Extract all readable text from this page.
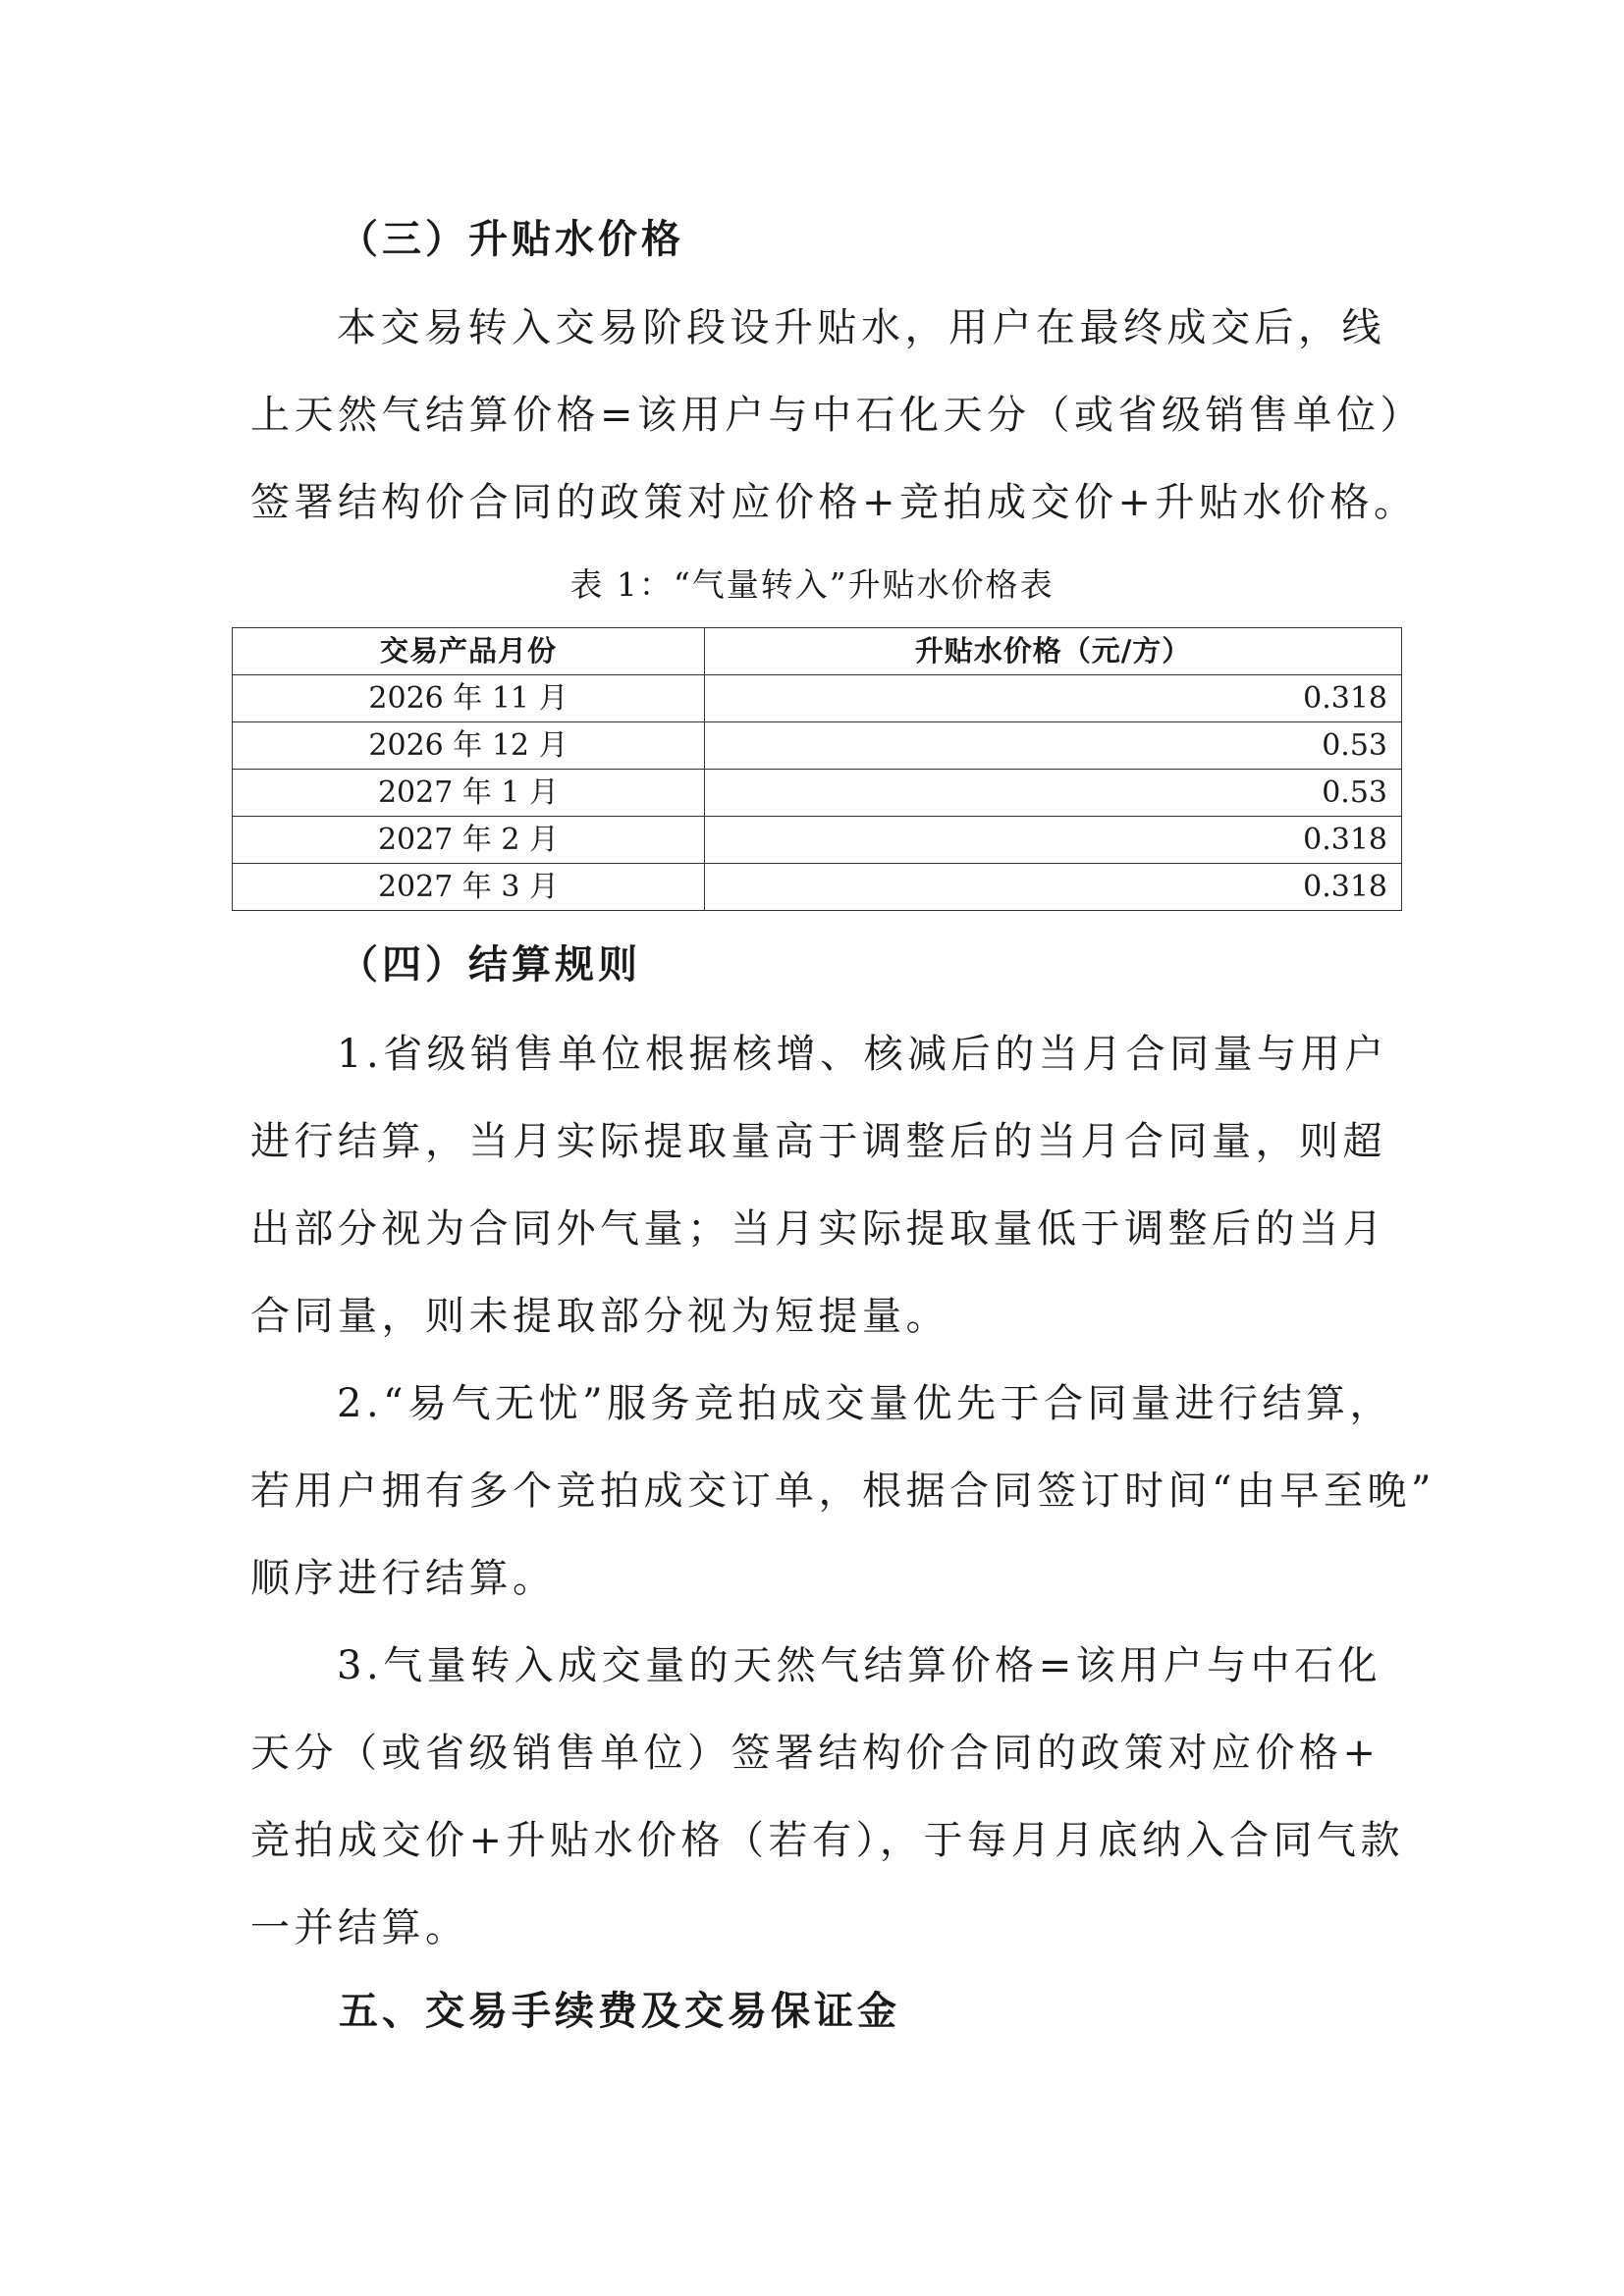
（三）升贴水价格
本交易转入交易阶段设升贴水，用户在最终成交后，线
上天然气结算价格=该用户与中石化天分（或省级销售单位）
签署结构价合同的政策对应价格+竞拍成交价+升贴水价格。
表 1：“气量转入”升贴水价格表
交易产品月份	升贴水价格（元/方）
2026 年 11 月	0.318
2026 年 12 月	0.53
2027 年 1 月	0.53
2027 年 2 月	0.318
2027 年 3 月	0.318
（四）结算规则
1.省级销售单位根据核增、核减后的当月合同量与用户
进行结算，当月实际提取量高于调整后的当月合同量，则超
出部分视为合同外气量；当月实际提取量低于调整后的当月
合同量，则未提取部分视为短提量。
2.“易气无忧”服务竞拍成交量优先于合同量进行结算，
若用户拥有多个竞拍成交订单，根据合同签订时间“由早至晚”
顺序进行结算。
3.气量转入成交量的天然气结算价格=该用户与中石化
天分（或省级销售单位）签署结构价合同的政策对应价格+
竞拍成交价+升贴水价格（若有），于每月月底纳入合同气款
一并结算。
五、交易手续费及交易保证金
